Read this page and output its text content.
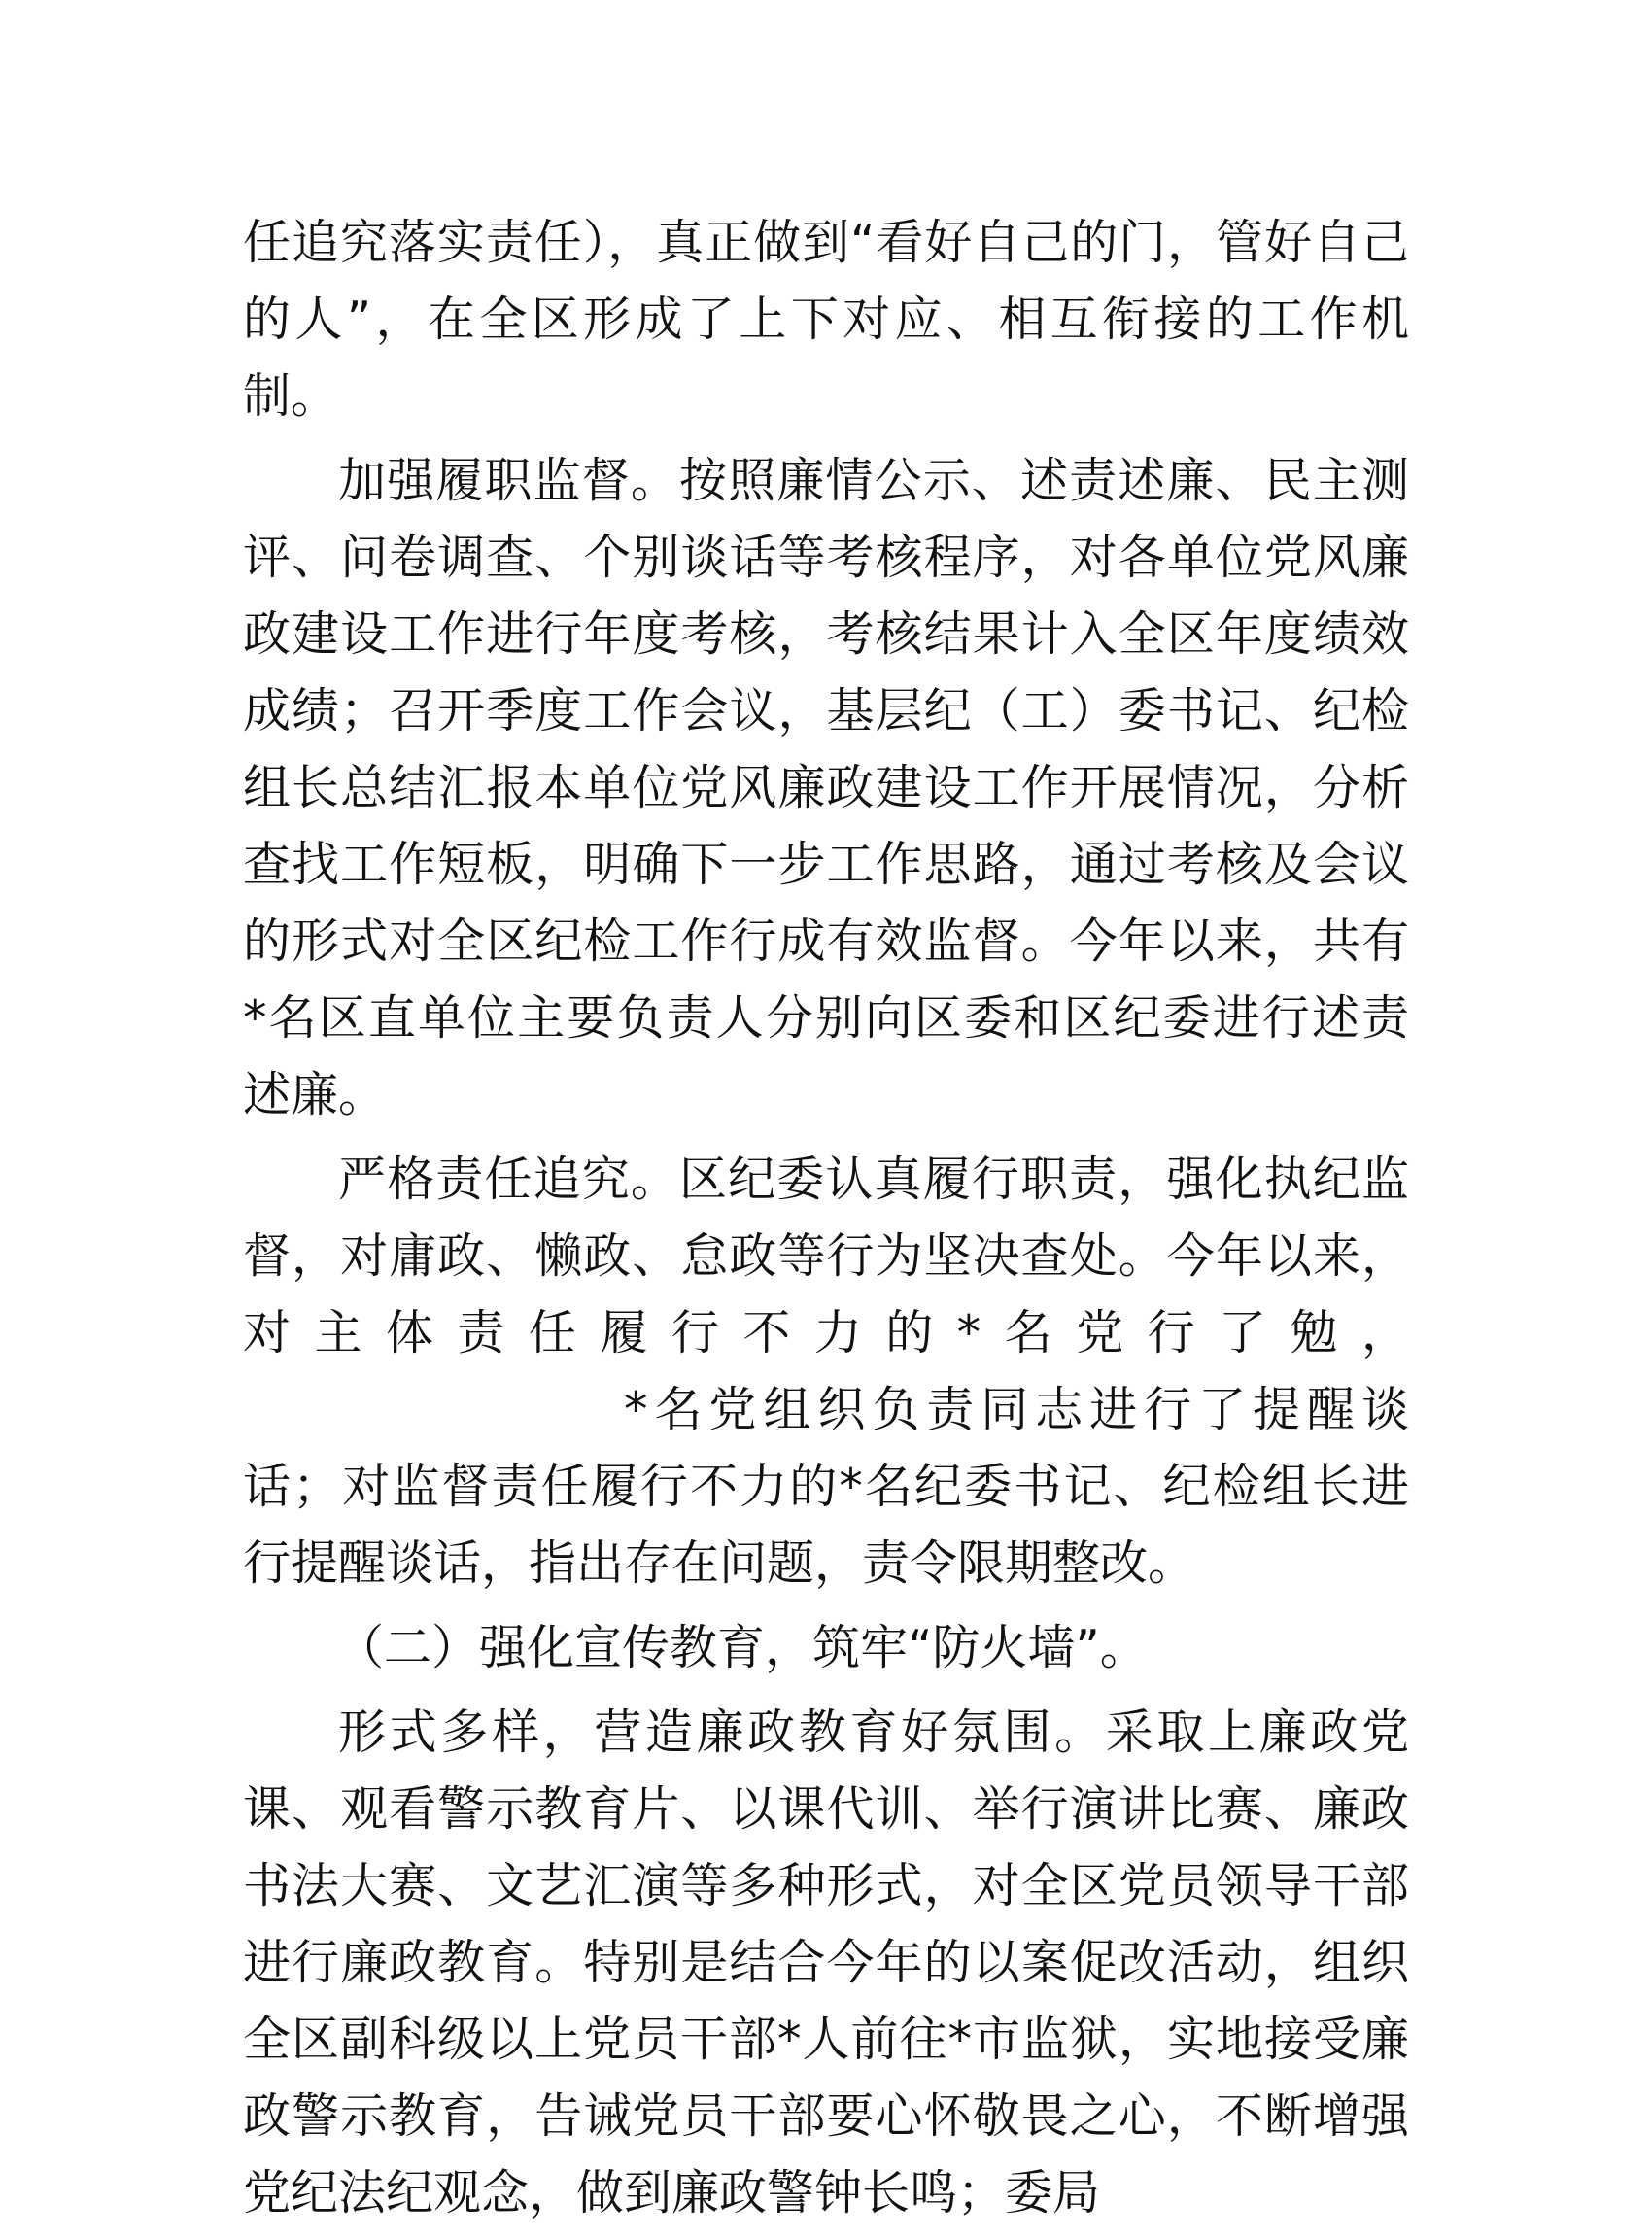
任追究落实责任），真正做到“看好自己的门，管好自己的人”，在全区形成了上下对应、相互衔接的工作机制。

加强履职监督。按照廉情公示、述责述廉、民主测评、问卷调查、个别谈话等考核程序，对各单位党风廉政建设工作进行年度考核，考核结果计入全区年度绩效成绩；召开季度工作会议，基层纪（工）委书记、纪检组长总结汇报本单位党风廉政建设工作开展情况，分析查找工作短板，明确下一步工作思路，通过考核及会议的形式对全区纪检工作行成有效监督。今年以来，共有*名区直单位主要负责人分别向区委和区纪委进行述责述廉。

严格责任追究。区纪委认真履行职责，强化执纪监督，对庸政、懒政、怠政等行为坚决查处。今年以来，对主体责任履行不力的*名党行了勉，*名党组织负责同志进行了提醒谈话；对监督责任履行不力的*名纪委书记、纪检组长进行提醒谈话，指出存在问题，责令限期整改。

（二）强化宣传教育，筑牢“防火墙”。

形式多样，营造廉政教育好氛围。采取上廉政党课、观看警示教育片、以课代训、举行演讲比赛、廉政书法大赛、文艺汇演等多种形式，对全区党员领导干部进行廉政教育。特别是结合今年的以案促改活动，组织全区副科级以上党员干部*人前往*市监狱，实地接受廉政警示教育，告诫党员干部要心怀敬畏之心，不断增强党纪法纪观念，做到廉政警钟长鸣；委局
